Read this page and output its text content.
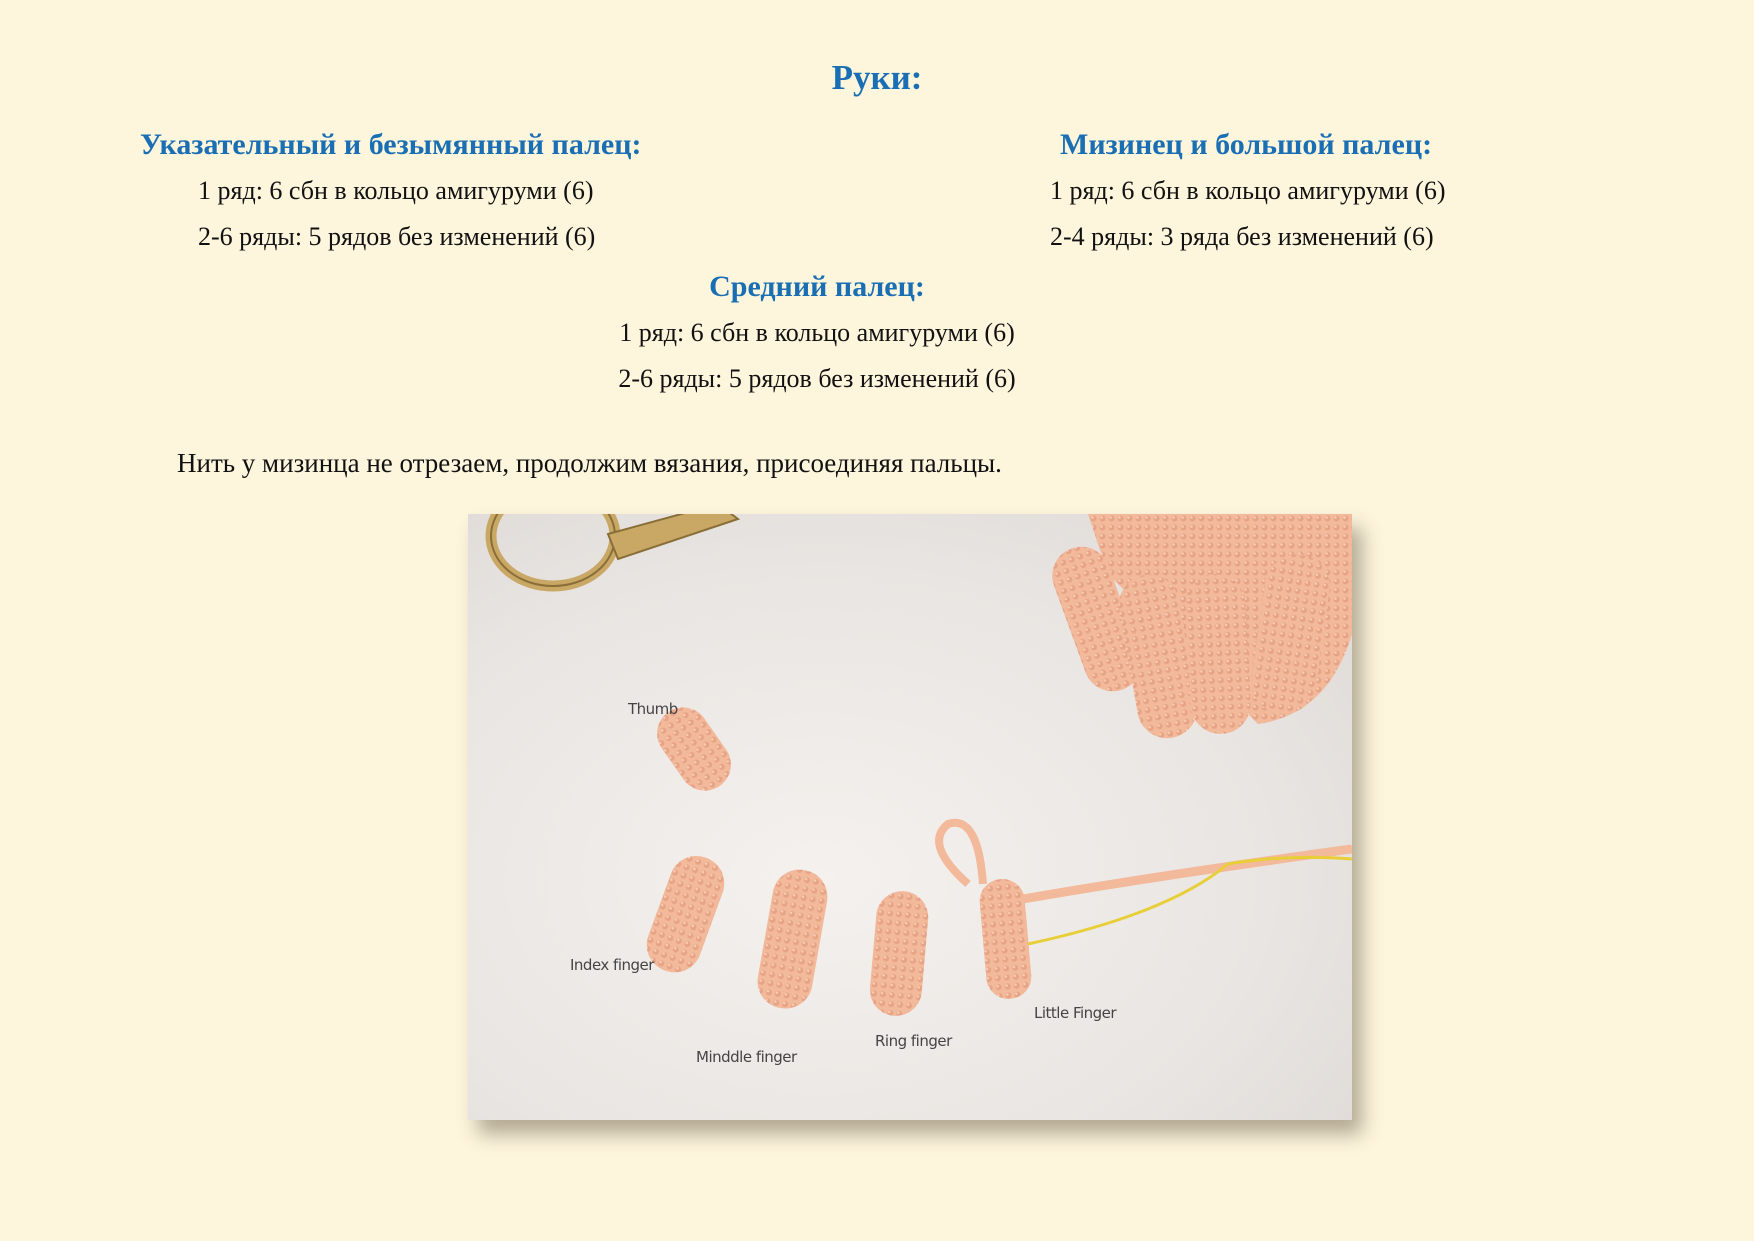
Руки:
Указательный и безымянный палец:
1 ряд: 6 сбн в кольцо амигуруми (6)
2-6 ряды: 5 рядов без изменений (6)
Мизинец и большой палец:
1 ряд: 6 сбн в кольцо амигуруми (6)
2-4 ряды: 3 ряда без изменений (6)
Средний палец:
1 ряд: 6 сбн в кольцо амигуруми (6)
2-6 ряды: 5 рядов без изменений (6)
Нить у мизинца не отрезаем, продолжим вязания, присоединяя пальцы.
Thumb
Index finger
Minddle finger
Ring finger
Little Finger
